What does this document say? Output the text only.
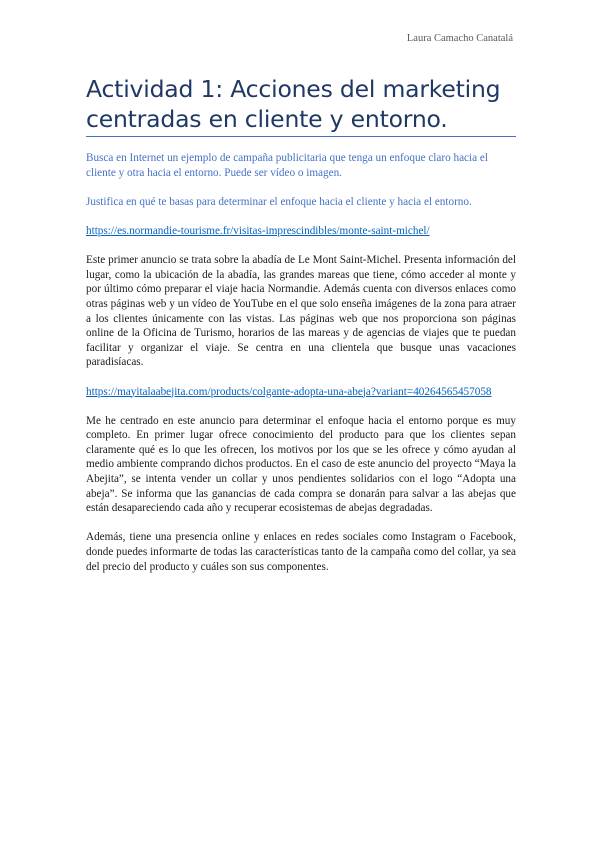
Laura Camacho Canatalá
Actividad 1: Acciones del marketing centradas en cliente y entorno.

Busca en Internet un ejemplo de campaña publicitaria que tenga un enfoque claro hacia el cliente y otra hacia el entorno. Puede ser vídeo o imagen.

Justifica en qué te basas para determinar el enfoque hacia el cliente y hacia el entorno.

https://es.normandie-tourisme.fr/visitas-imprescindibles/monte-saint-michel/

Este primer anuncio se trata sobre la abadía de Le Mont Saint-Michel. Presenta información del lugar, como la ubicación de la abadía, las grandes mareas que tiene, cómo acceder al monte y por último cómo preparar el viaje hacia Normandie. Además cuenta con diversos enlaces como otras páginas web y un vídeo de YouTube en el que solo enseña imágenes de la zona para atraer a los clientes únicamente con las vistas. Las páginas web que nos proporciona son páginas online de la Oficina de Turismo, horarios de las mareas y de agencias de viajes que te puedan facilitar y organizar el viaje. Se centra en una clientela que busque unas vacaciones paradisíacas.

https://mayitalaabejita.com/products/colgante-adopta-una-abeja?variant=40264565457058

Me he centrado en este anuncio para determinar el enfoque hacia el entorno porque es muy completo. En primer lugar ofrece conocimiento del producto para que los clientes sepan claramente qué es lo que les ofrecen, los motivos por los que se les ofrece y cómo ayudan al medio ambiente comprando dichos productos. En el caso de este anuncio del proyecto “Maya la Abejita”, se intenta vender un collar y unos pendientes solidarios con el logo “Adopta una abeja”. Se informa que las ganancias de cada compra se donarán para salvar a las abejas que están desapareciendo cada año y recuperar ecosistemas de abejas degradadas.

Además, tiene una presencia online y enlaces en redes sociales como Instagram o Facebook, donde puedes informarte de todas las características tanto de la campaña como del collar, ya sea del precio del producto y cuáles son sus componentes.
